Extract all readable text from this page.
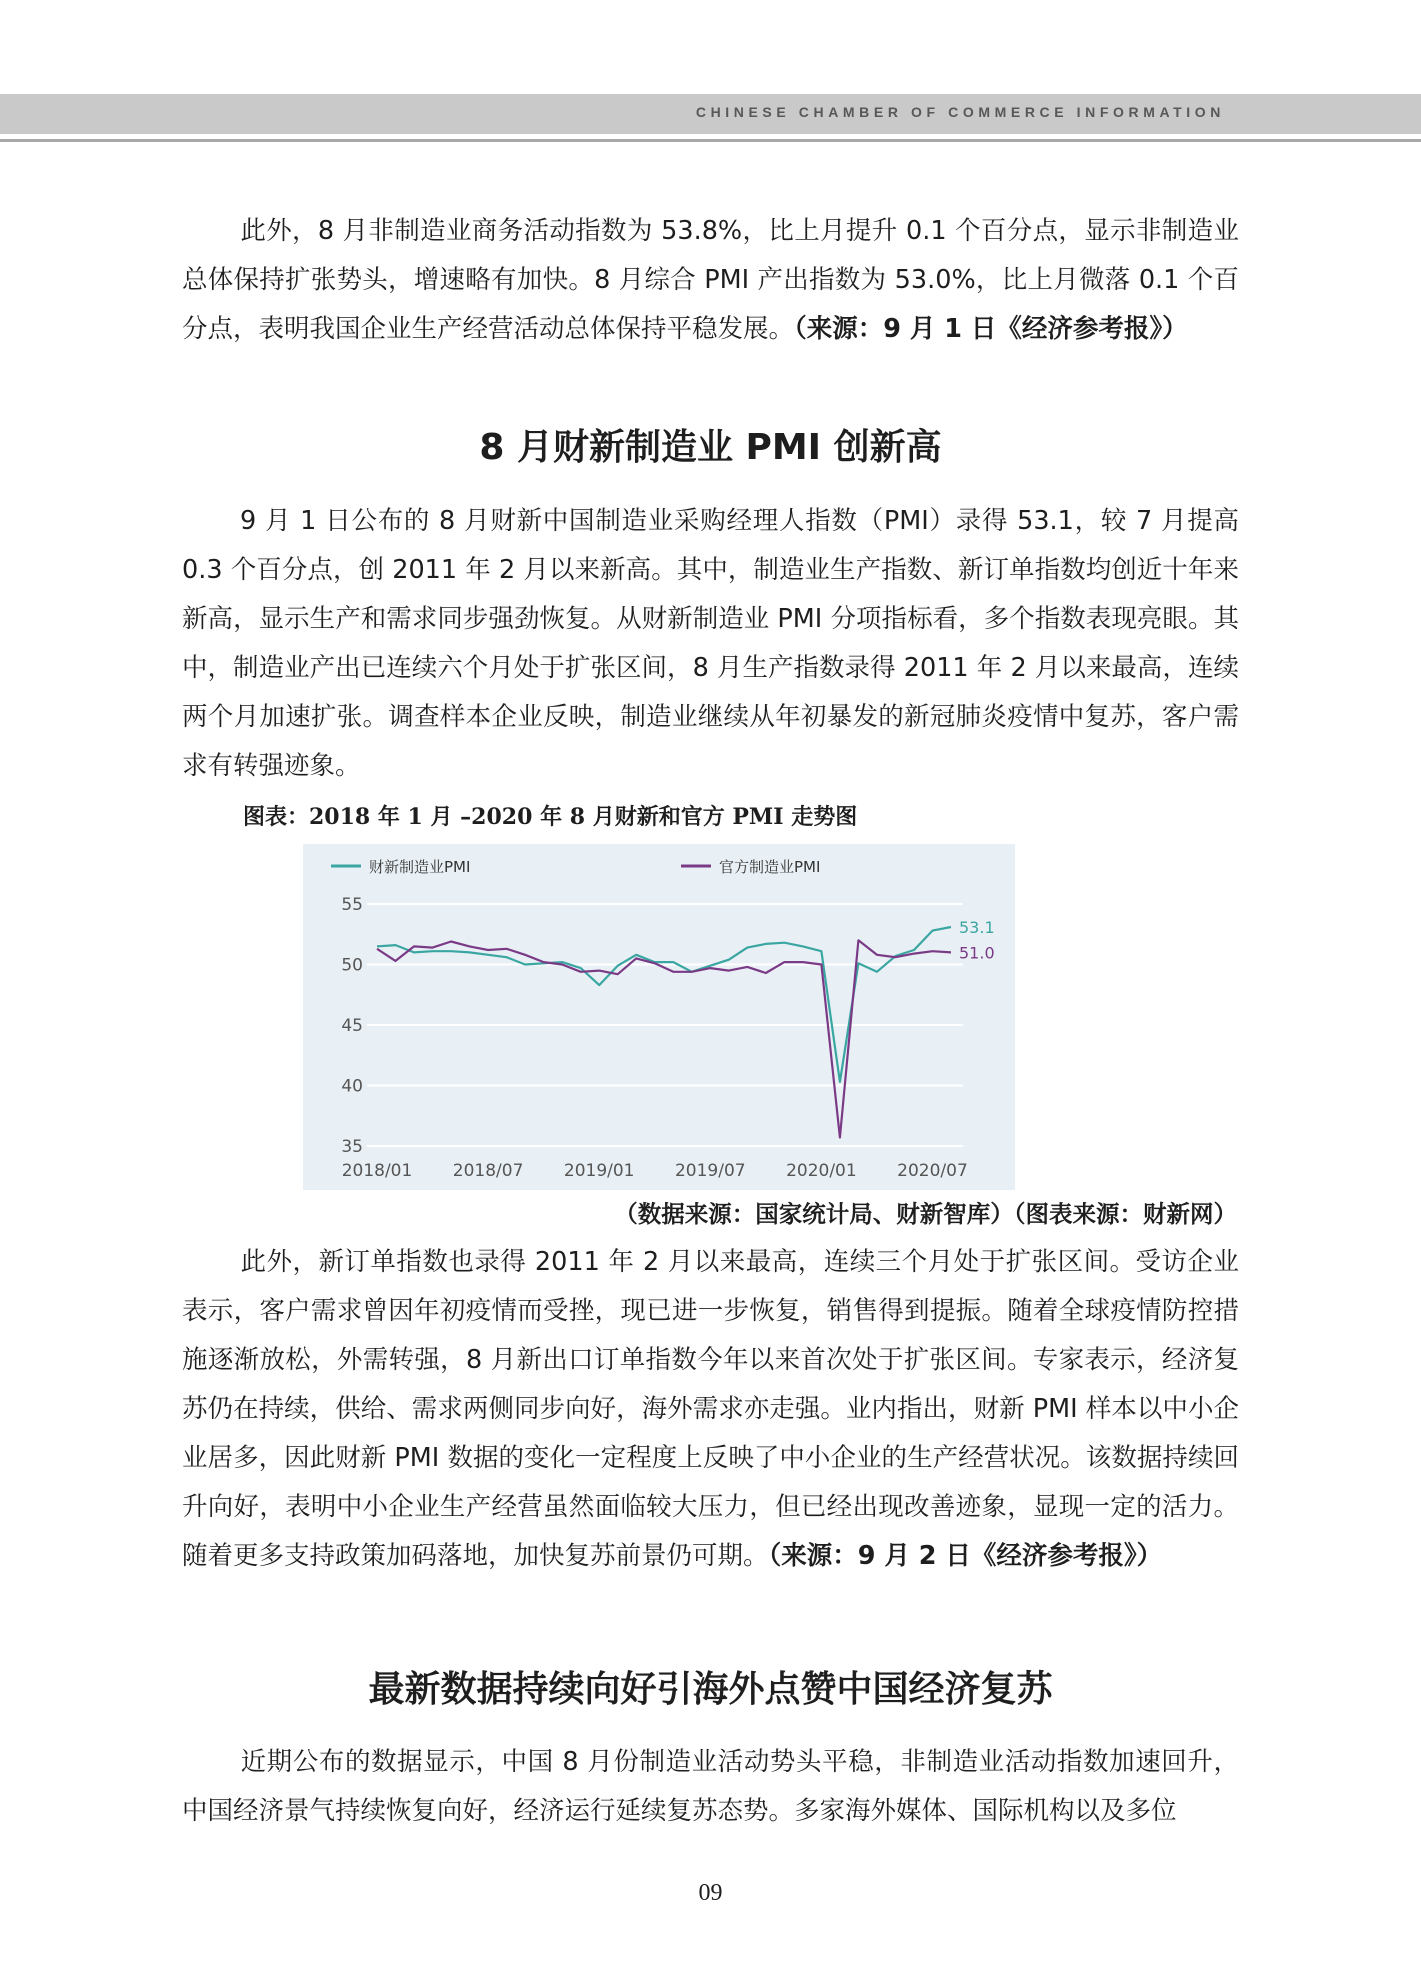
CHINESE CHAMBER OF COMMERCE INFORMATION

此外，8 月非制造业商务活动指数为 53.8%，比上月提升 0.1 个百分点，显示非制造业总体保持扩张势头，增速略有加快。8 月综合 PMI 产出指数为 53.0%，比上月微落 0.1 个百分点，表明我国企业生产经营活动总体保持平稳发展。（来源：9 月 1 日《经济参考报》）

8 月财新制造业 PMI 创新高

9 月 1 日公布的 8 月财新中国制造业采购经理人指数（PMI）录得 53.1，较 7 月提高 0.3 个百分点，创 2011 年 2 月以来新高。其中，制造业生产指数、新订单指数均创近十年来新高，显示生产和需求同步强劲恢复。从财新制造业 PMI 分项指标看，多个指数表现亮眼。其中，制造业产出已连续六个月处于扩张区间，8 月生产指数录得 2011 年 2 月以来最高，连续两个月加速扩张。调查样本企业反映，制造业继续从年初暴发的新冠肺炎疫情中复苏，客户需求有转强迹象。

图表：2018 年 1 月 –2020 年 8 月财新和官方 PMI 走势图
55
50
45
40
35
2018/01 2018/07 2019/01 2019/07 2020/01 2020/07
53.1
51.0
财新制造业PMI	官方制造业PMI
（数据来源：国家统计局、财新智库）（图表来源：财新网）

此外，新订单指数也录得 2011 年 2 月以来最高，连续三个月处于扩张区间。受访企业表示，客户需求曾因年初疫情而受挫，现已进一步恢复，销售得到提振。随着全球疫情防控措施逐渐放松，外需转强，8 月新出口订单指数今年以来首次处于扩张区间。专家表示，经济复苏仍在持续，供给、需求两侧同步向好，海外需求亦走强。业内指出，财新 PMI 样本以中小企业居多，因此财新 PMI 数据的变化一定程度上反映了中小企业的生产经营状况。该数据持续回升向好，表明中小企业生产经营虽然面临较大压力，但已经出现改善迹象，显现一定的活力。随着更多支持政策加码落地，加快复苏前景仍可期。（来源：9 月 2 日《经济参考报》）

最新数据持续向好引海外点赞中国经济复苏

近期公布的数据显示，中国 8 月份制造业活动势头平稳，非制造业活动指数加速回升，中国经济景气持续恢复向好，经济运行延续复苏态势。多家海外媒体、国际机构以及多位

09
